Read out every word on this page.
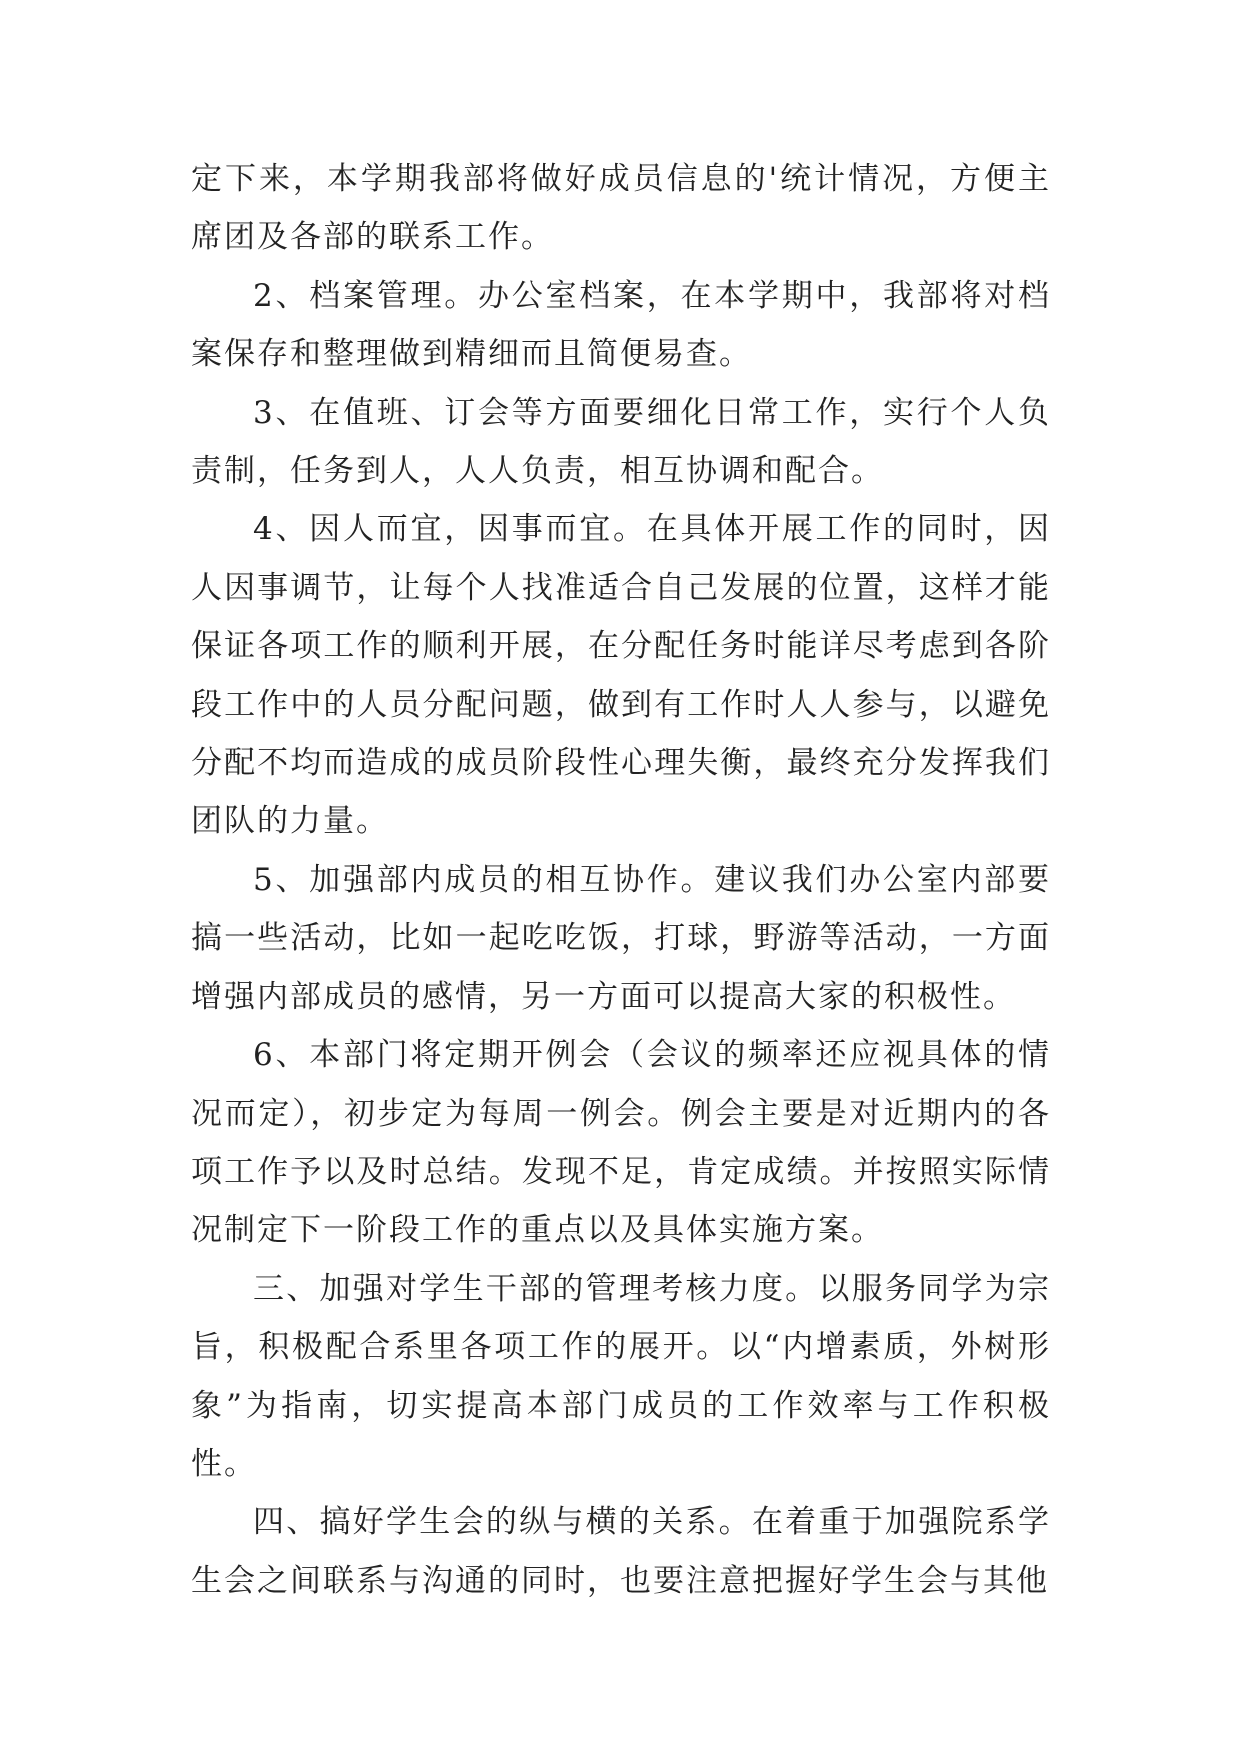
定下来，本学期我部将做好成员信息的'统计情况，方便主席团及各部的联系工作。

2、档案管理。办公室档案，在本学期中，我部将对档案保存和整理做到精细而且简便易查。

3、在值班、订会等方面要细化日常工作，实行个人负责制，任务到人，人人负责，相互协调和配合。

4、因人而宜，因事而宜。在具体开展工作的同时，因人因事调节，让每个人找准适合自己发展的位置，这样才能保证各项工作的顺利开展，在分配任务时能详尽考虑到各阶段工作中的人员分配问题，做到有工作时人人参与，以避免分配不均而造成的成员阶段性心理失衡，最终充分发挥我们团队的力量。

5、加强部内成员的相互协作。建议我们办公室内部要搞一些活动，比如一起吃吃饭，打球，野游等活动，一方面增强内部成员的感情，另一方面可以提高大家的积极性。

6、本部门将定期开例会（会议的频率还应视具体的情况而定），初步定为每周一例会。例会主要是对近期内的各项工作予以及时总结。发现不足，肯定成绩。并按照实际情况制定下一阶段工作的重点以及具体实施方案。

三、加强对学生干部的管理考核力度。以服务同学为宗旨，积极配合系里各项工作的展开。以“内增素质，外树形象”为指南，切实提高本部门成员的工作效率与工作积极性。

四、搞好学生会的纵与横的关系。在着重于加强院系学生会之间联系与沟通的同时，也要注意把握好学生会与其他
